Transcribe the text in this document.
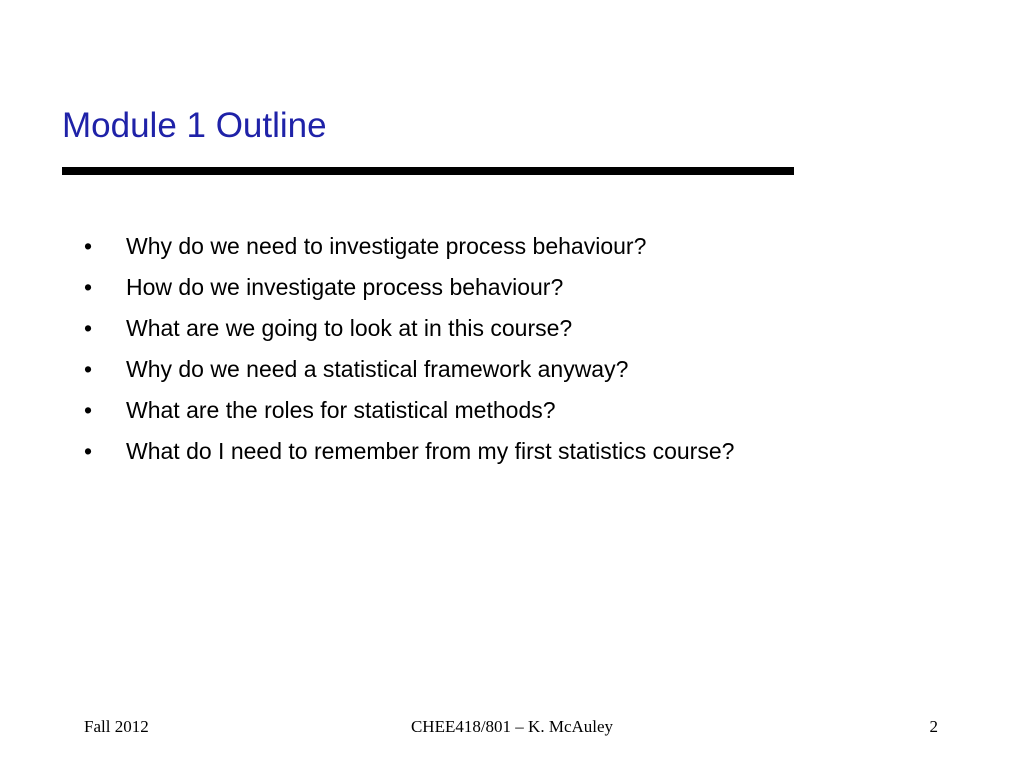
Module 1 Outline
• Why do we need to investigate process behaviour?
• How do we investigate process behaviour?
• What are we going to look at in this course?
• Why do we need a statistical framework anyway?
• What are the roles for statistical methods?
• What do I need to remember from my first statistics course?
Fall 2012	CHEE418/801 – K. McAuley	2
